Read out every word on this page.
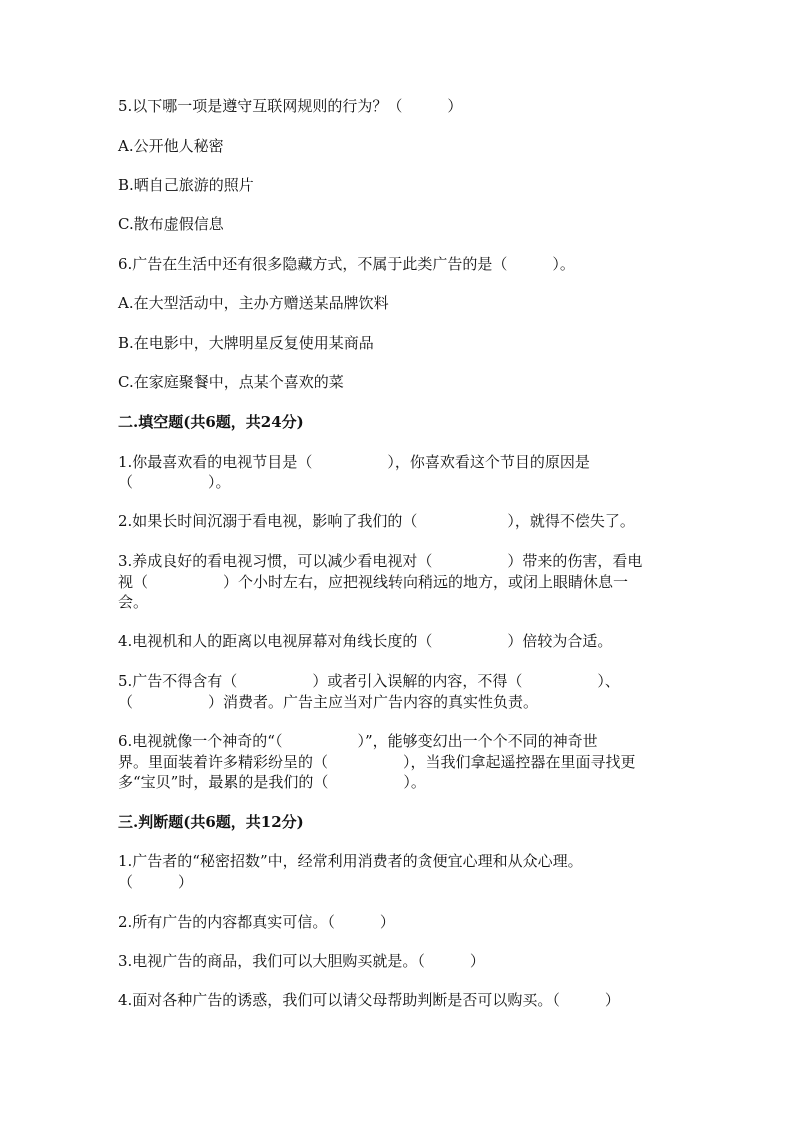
5.以下哪一项是遵守互联网规则的行为？（　　　）
A.公开他人秘密
B.晒自己旅游的照片
C.散布虚假信息
6.广告在生活中还有很多隐藏方式，不属于此类广告的是（　　　）。
A.在大型活动中，主办方赠送某品牌饮料
B.在电影中，大牌明星反复使用某商品
C.在家庭聚餐中，点某个喜欢的菜
二.填空题(共6题，共24分)
1.你最喜欢看的电视节目是（　　　　　），你喜欢看这个节目的原因是
（　　　　　）。
2.如果长时间沉溺于看电视，影响了我们的（　　　　　　），就得不偿失了。
3.养成良好的看电视习惯，可以减少看电视对（　　　　　）带来的伤害，看电
视（　　　　　）个小时左右，应把视线转向稍远的地方，或闭上眼睛休息一
会。
4.电视机和人的距离以电视屏幕对角线长度的（　　　　　）倍较为合适。
5.广告不得含有（　　　　　）或者引入误解的内容，不得（　　　　　）、
（　　　　　）消费者。广告主应当对广告内容的真实性负责。
6.电视就像一个神奇的“（　　　　　）”，能够变幻出一个个不同的神奇世
界。里面装着许多精彩纷呈的（　　　　　），当我们拿起遥控器在里面寻找更
多“宝贝”时，最累的是我们的（　　　　　）。
三.判断题(共6题，共12分)
1.广告者的“秘密招数”中，经常利用消费者的贪便宜心理和从众心理。
（　　　）
2.所有广告的内容都真实可信。（　　　）
3.电视广告的商品，我们可以大胆购买就是。（　　　）
4.面对各种广告的诱惑，我们可以请父母帮助判断是否可以购买。（　　　）
